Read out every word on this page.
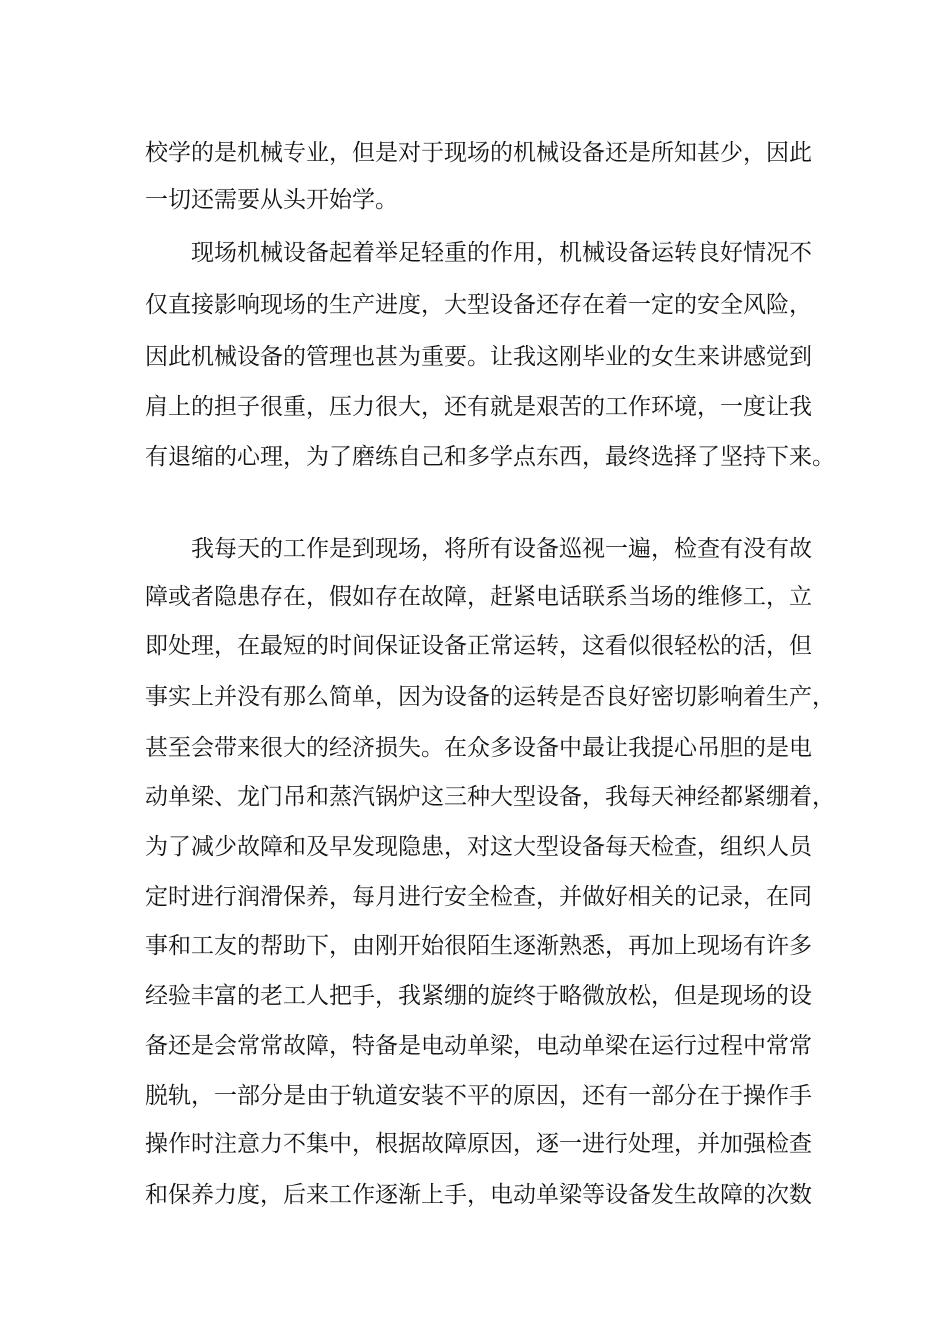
校学的是机械专业，但是对于现场的机械设备还是所知甚少，因此
一切还需要从头开始学。
现场机械设备起着举足轻重的作用，机械设备运转良好情况不
仅直接影响现场的生产进度，大型设备还存在着一定的安全风险，
因此机械设备的管理也甚为重要。让我这刚毕业的女生来讲感觉到
肩上的担子很重，压力很大，还有就是艰苦的工作环境，一度让我
有退缩的心理，为了磨练自己和多学点东西，最终选择了坚持下来。
我每天的工作是到现场，将所有设备巡视一遍，检查有没有故
障或者隐患存在，假如存在故障，赶紧电话联系当场的维修工，立
即处理，在最短的时间保证设备正常运转，这看似很轻松的活，但
事实上并没有那么简单，因为设备的运转是否良好密切影响着生产，
甚至会带来很大的经济损失。在众多设备中最让我提心吊胆的是电
动单梁、龙门吊和蒸汽锅炉这三种大型设备，我每天神经都紧绷着，
为了减少故障和及早发现隐患，对这大型设备每天检查，组织人员
定时进行润滑保养，每月进行安全检查，并做好相关的记录，在同
事和工友的帮助下，由刚开始很陌生逐渐熟悉，再加上现场有许多
经验丰富的老工人把手，我紧绷的旋终于略微放松，但是现场的设
备还是会常常故障，特备是电动单梁，电动单梁在运行过程中常常
脱轨，一部分是由于轨道安装不平的原因，还有一部分在于操作手
操作时注意力不集中，根据故障原因，逐一进行处理，并加强检查
和保养力度，后来工作逐渐上手，电动单梁等设备发生故障的次数
